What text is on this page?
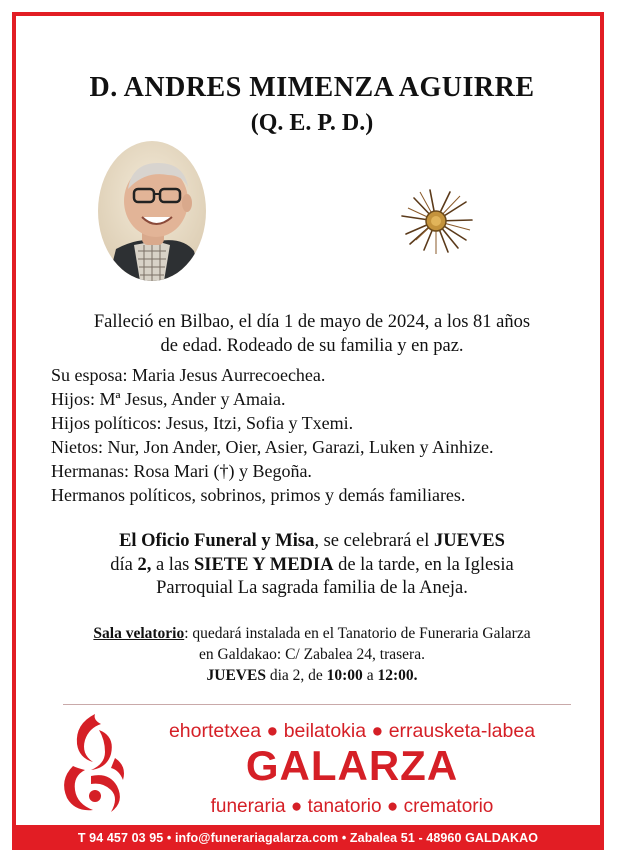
D. ANDRES MIMENZA AGUIRRE
(Q. E. P. D.)

Falleció en Bilbao, el día 1 de mayo de 2024, a los 81 años

de edad. Rodeado de su familia y en paz.

Su esposa: Maria Jesus Aurrecoechea.

Hijos: Mª Jesus, Ander y Amaia.

Hijos políticos: Jesus, Itzi, Sofia y Txemi.

Nietos: Nur, Jon Ander, Oier, Asier, Garazi, Luken y Ainhize.

Hermanas: Rosa Mari (†) y Begoña.

Hermanos políticos, sobrinos, primos y demás familiares.

El Oficio Funeral y Misa, se celebrará el JUEVES

día 2, a las SIETE Y MEDIA de la tarde, en la Iglesia

Parroquial La sagrada familia de la Aneja.

Sala velatorio: quedará instalada en el Tanatorio de Funeraria Galarza

en Galdakao: C/ Zabalea 24, trasera.

JUEVES dia 2, de 10:00 a 12:00.

ehortetxea ● beilatokia ● errausketa-labea
GALARZA
funeraria ● tanatorio ● crematorio
T 94 457 03 95 • info@funerariagalarza.com • Zabalea 51 - 48960 GALDAKAO
